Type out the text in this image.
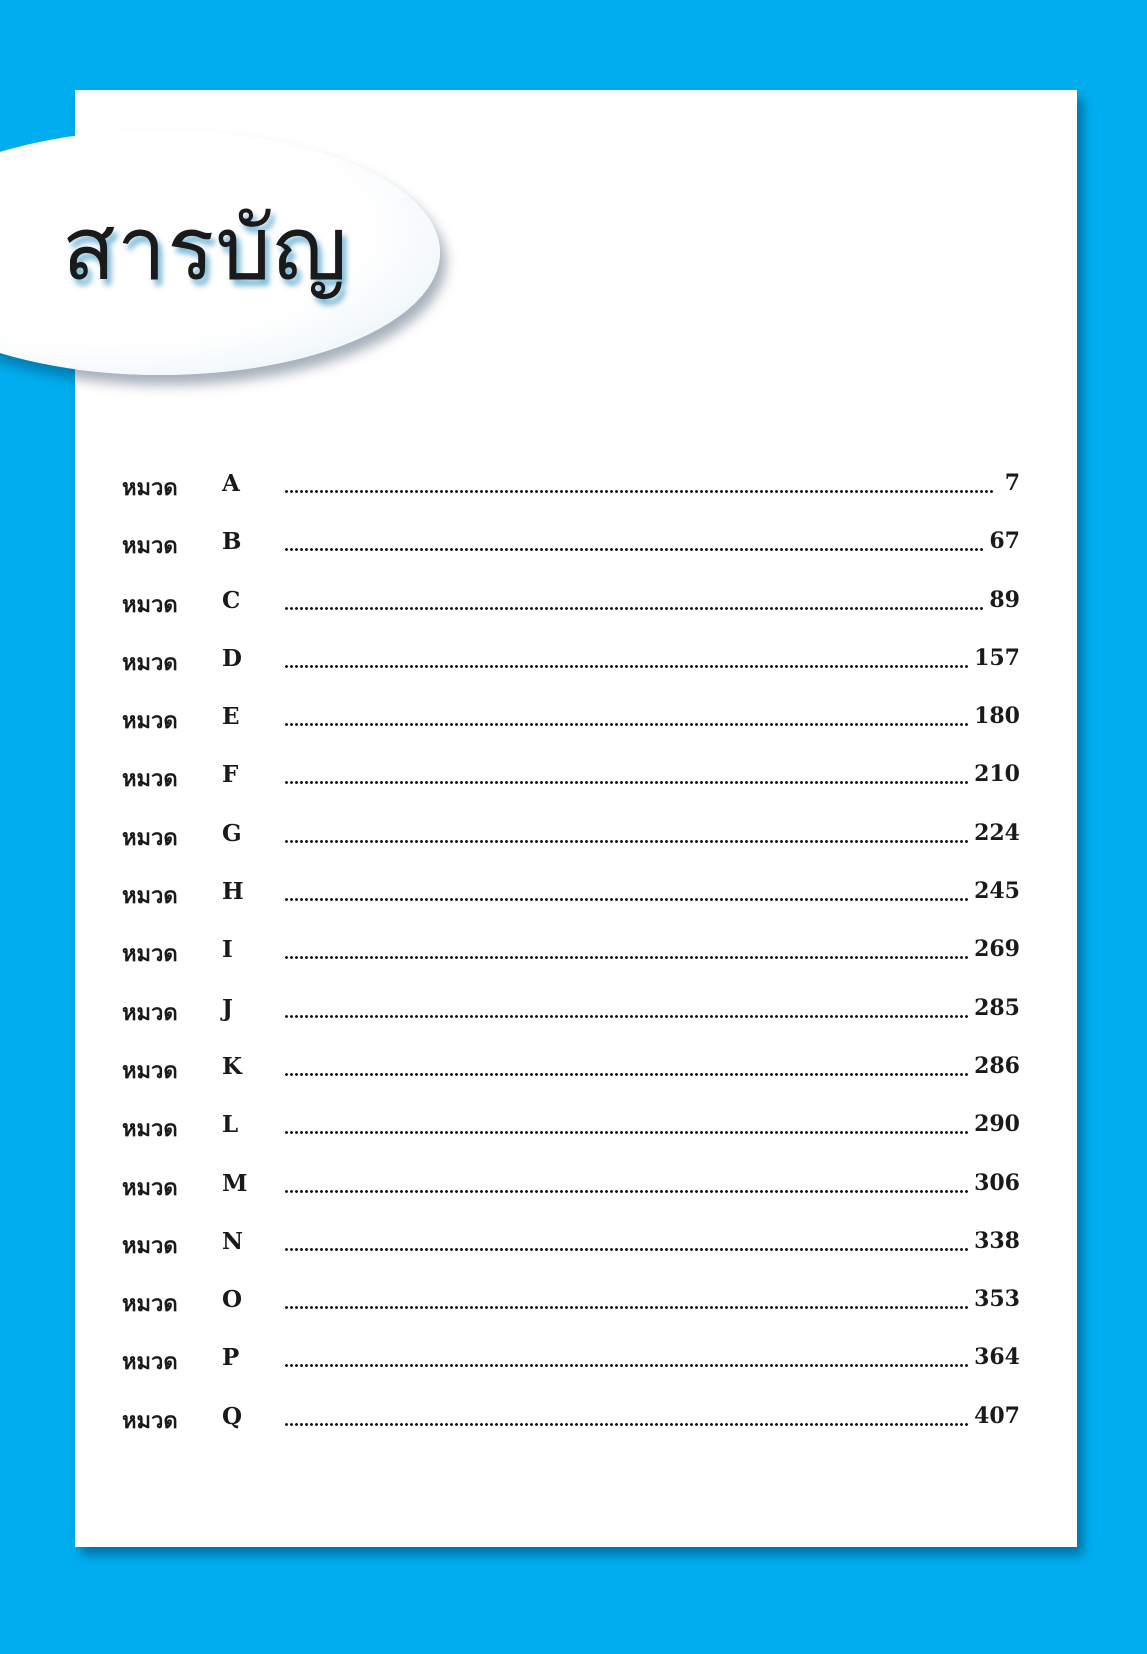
สารบัญ
หมวด	A	7
หมวด	B	67
หมวด	C	89
หมวด	D	157
หมวด	E	180
หมวด	F	210
หมวด	G	224
หมวด	H	245
หมวด	I	269
หมวด	J	285
หมวด	K	286
หมวด	L	290
หมวด	M	306
หมวด	N	338
หมวด	O	353
หมวด	P	364
หมวด	Q	407
